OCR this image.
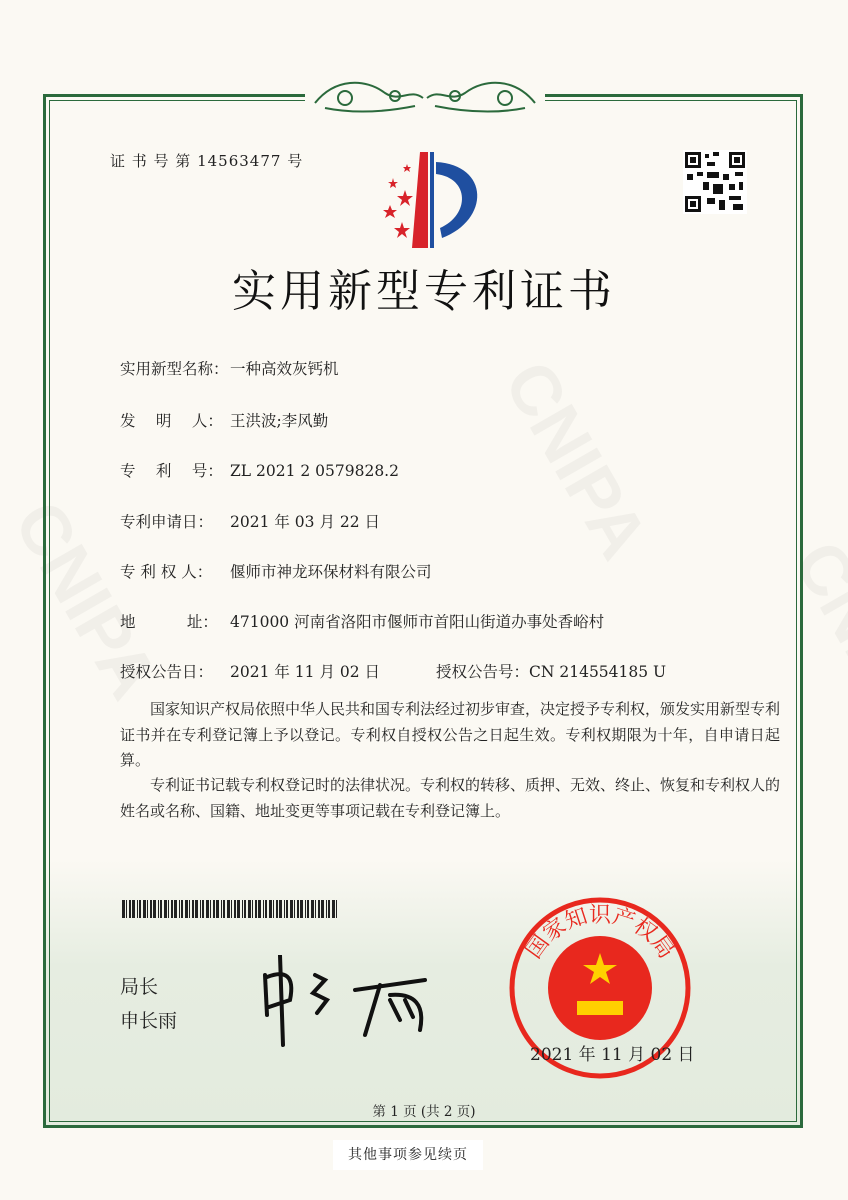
证 书 号 第 14563477 号
实用新型专利证书
实用新型名称：一种高效灰钙机
发　 明　 人： 王洪波;李风勤
专　 利　 号： ZL 2021 2 0579828.2
专利申请日： 2021 年 03 月 22 日
专 利 权 人： 偃师市神龙环保材料有限公司
地　　　 址： 471000 河南省洛阳市偃师市首阳山街道办事处香峪村
授权公告日： 2021 年 11 月 02 日	授权公告号：CN 214554185 U
国家知识产权局依照中华人民共和国专利法经过初步审查，决定授予专利权，颁发实用新型专利证书并在专利登记簿上予以登记。专利权自授权公告之日起生效。专利权期限为十年，自申请日起算。
专利证书记载专利权登记时的法律状况。专利权的转移、质押、无效、终止、恢复和专利权人的姓名或名称、国籍、地址变更等事项记载在专利登记簿上。
局长
申长雨
国家知识产权局
2021 年 11 月 02 日
第 1 页 (共 2 页)
其他事项参见续页
